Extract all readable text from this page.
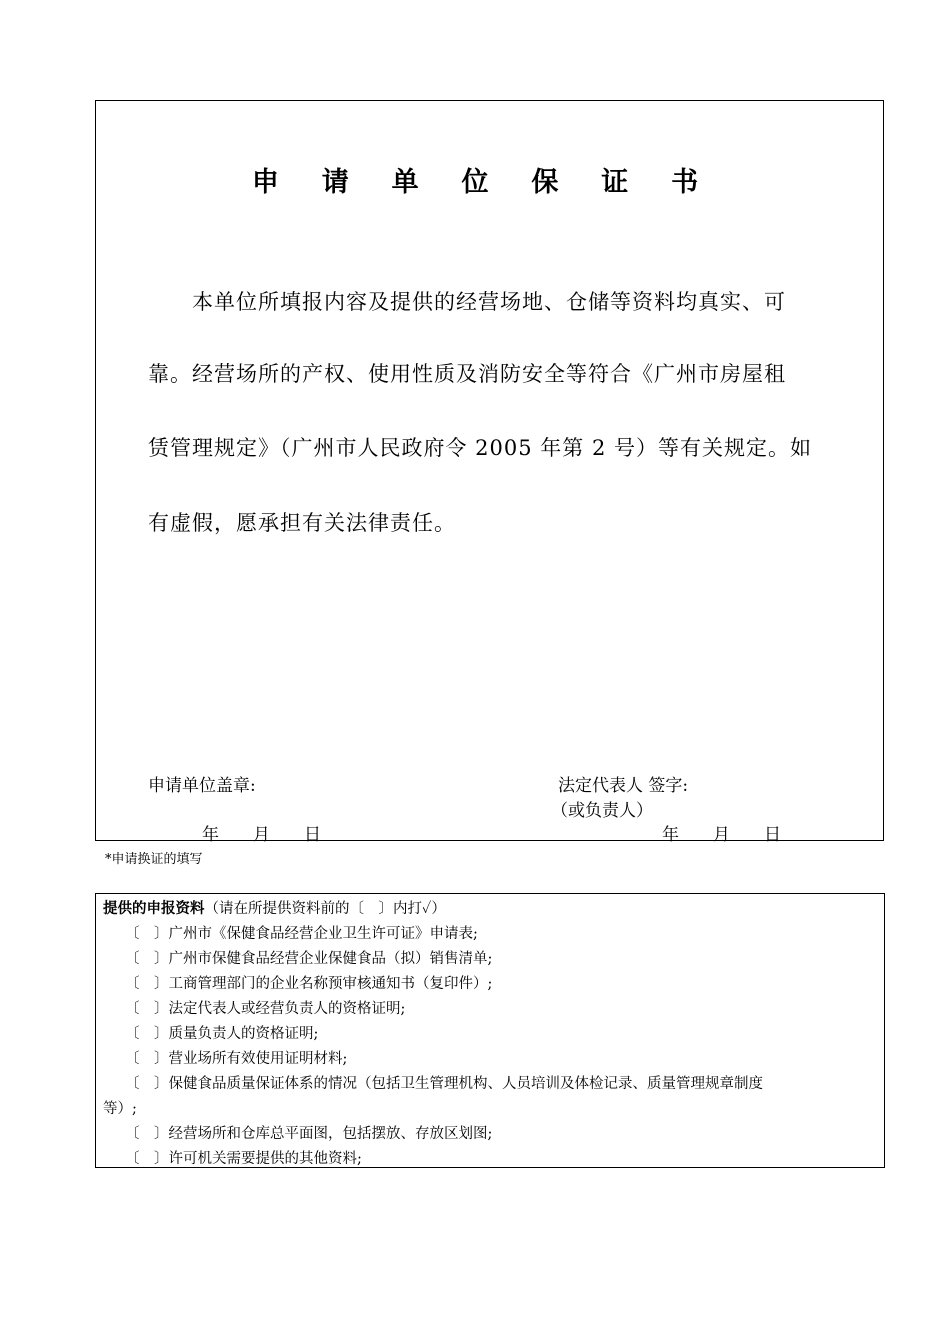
申 请 单 位 保 证 书
　　本单位所填报内容及提供的经营场地、仓储等资料均真实、可
靠。经营场所的产权、使用性质及消防安全等符合《广州市房屋租
赁管理规定》（广州市人民政府令 2005 年第 2 号）等有关规定。如
有虚假，愿承担有关法律责任。
申请单位盖章:	法定代表人 签字:
（或负责人）
年　　月　　日	年　　月　　日
*申请换证的填写
提供的申报资料（请在所提供资料前的〔　〕内打✓）
〔　〕广州市《保健食品经营企业卫生许可证》申请表;
〔　〕广州市保健食品经营企业保健食品（拟）销售清单;
〔　〕工商管理部门的企业名称预审核通知书（复印件）;
〔　〕法定代表人或经营负责人的资格证明;
〔　〕质量负责人的资格证明;
〔　〕营业场所有效使用证明材料;
〔　〕保健食品质量保证体系的情况（包括卫生管理机构、人员培训及体检记录、质量管理规章制度
等）;
〔　〕经营场所和仓库总平面图，包括摆放、存放区划图;
〔　〕许可机关需要提供的其他资料;
